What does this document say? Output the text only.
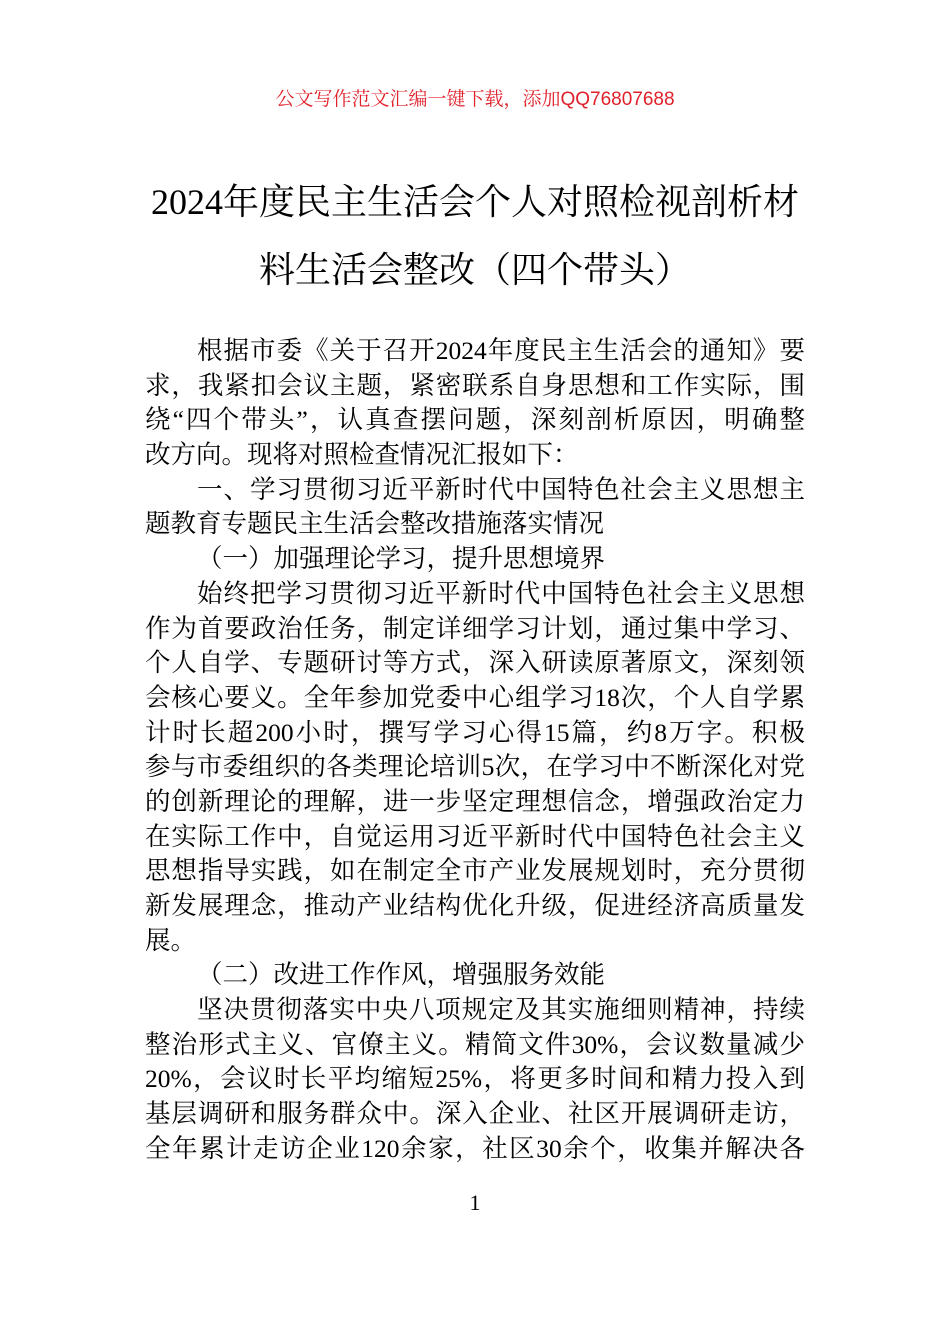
公文写作范文汇编一键下载，添加QQ76807688
2024年度民主生活会个人对照检视剖析材
料生活会整改（四个带头）
根据市委《关于召开2024年度民主生活会的通知》要
求，我紧扣会议主题，紧密联系自身思想和工作实际，围
绕“四个带头”，认真查摆问题，深刻剖析原因，明确整
改方向。现将对照检查情况汇报如下：
一、学习贯彻习近平新时代中国特色社会主义思想主
题教育专题民主生活会整改措施落实情况
（一）加强理论学习，提升思想境界
始终把学习贯彻习近平新时代中国特色社会主义思想
作为首要政治任务，制定详细学习计划，通过集中学习、
个人自学、专题研讨等方式，深入研读原著原文，深刻领
会核心要义。全年参加党委中心组学习18次，个人自学累
计时长超200小时，撰写学习心得15篇，约8万字。积极
参与市委组织的各类理论培训5次，在学习中不断深化对党
的创新理论的理解，进一步坚定理想信念，增强政治定力
在实际工作中，自觉运用习近平新时代中国特色社会主义
思想指导实践，如在制定全市产业发展规划时，充分贯彻
新发展理念，推动产业结构优化升级，促进经济高质量发
展。
（二）改进工作作风，增强服务效能
坚决贯彻落实中央八项规定及其实施细则精神，持续
整治形式主义、官僚主义。精简文件30%，会议数量减少
20%，会议时长平均缩短25%，将更多时间和精力投入到
基层调研和服务群众中。深入企业、社区开展调研走访，
全年累计走访企业120余家，社区30余个，收集并解决各
1
